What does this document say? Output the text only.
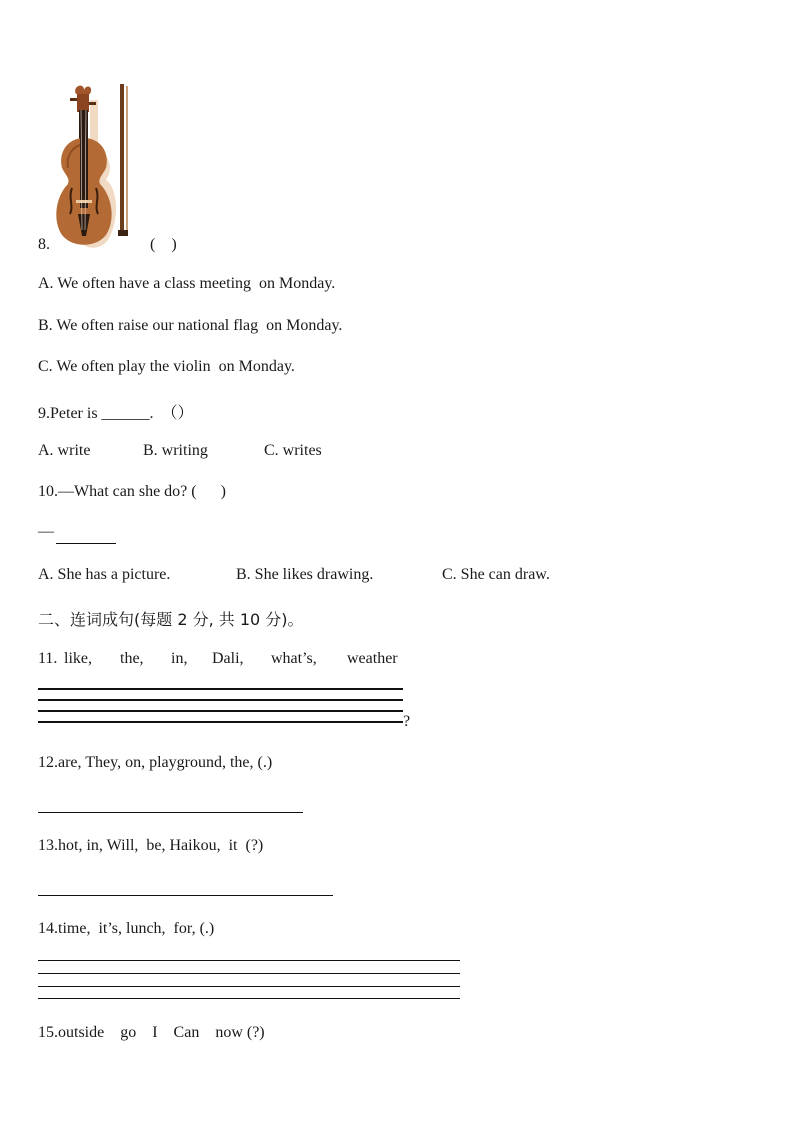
8.	(    )
A. We often have a class meeting  on Monday.
B. We often raise our national flag  on Monday.
C. We often play the violin  on Monday.
9.Peter is ______.  （）
A. write	B. writing	C. writes
10.—What can she do? (      )
—
A. She has a picture.	B. She likes drawing.	C. She can draw.
二、连词成句(每题 2 分, 共 10 分)。
11. like, the, in, Dali, what’s, weather
?
12.are, They, on, playground, the, (.)
13.hot, in, Will,  be, Haikou,  it  (?)
14.time,  it’s, lunch,  for, (.)
15.outside    go    I    Can    now (?)
